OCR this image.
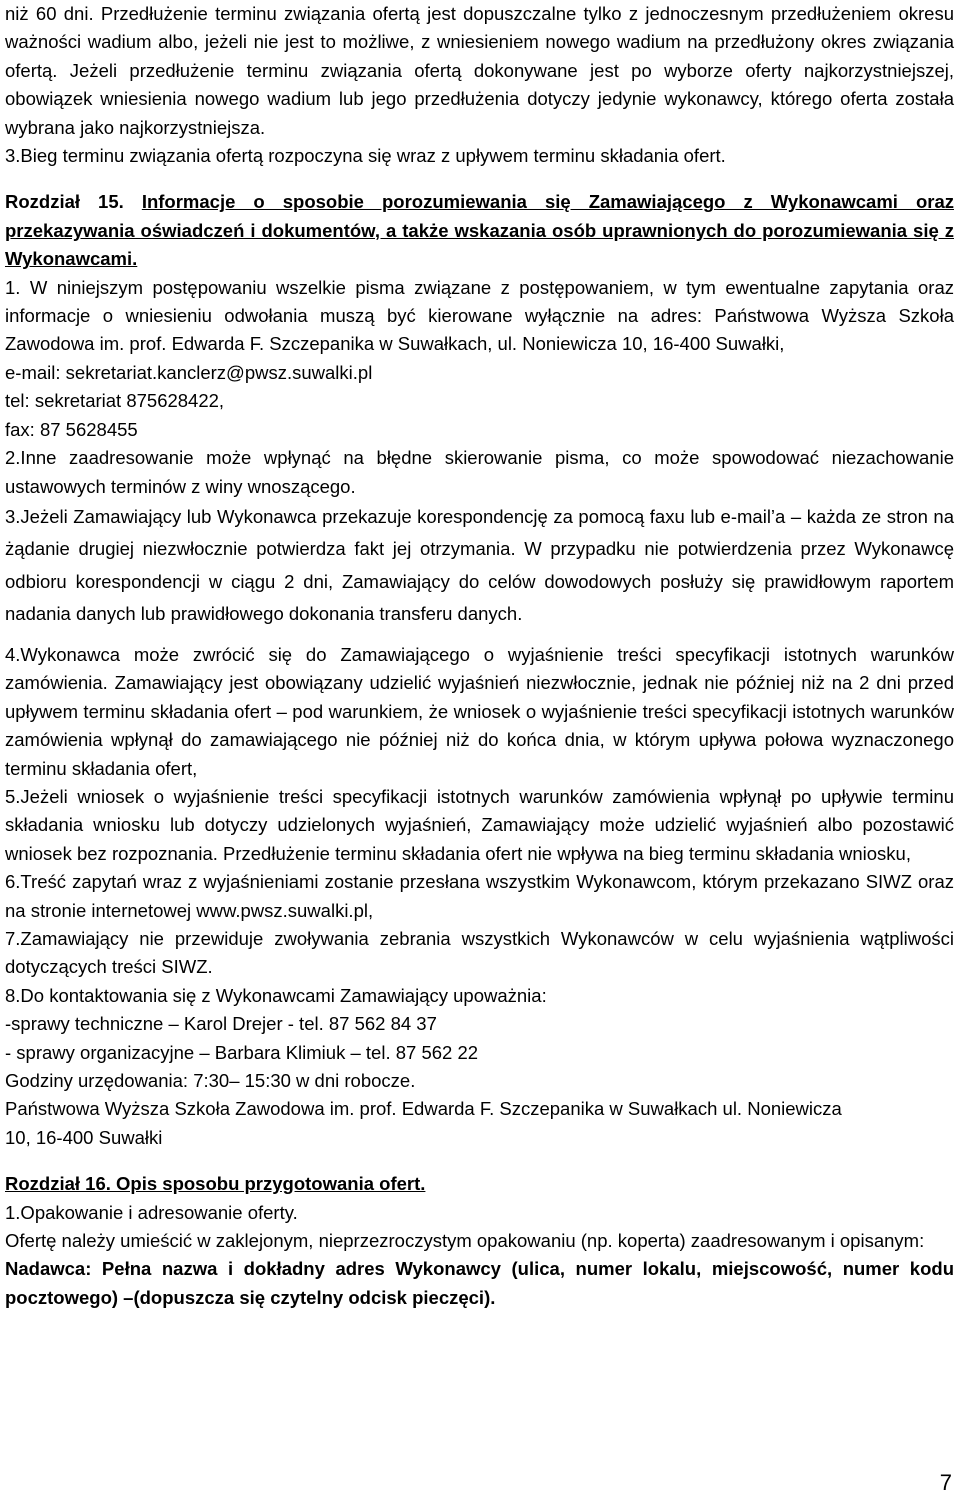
niż 60 dni. Przedłużenie terminu związania ofertą jest dopuszczalne tylko z jednoczesnym przedłużeniem okresu ważności wadium albo, jeżeli nie jest to możliwe, z wniesieniem nowego wadium na przedłużony okres związania ofertą. Jeżeli przedłużenie terminu związania ofertą dokonywane jest po wyborze oferty najkorzystniejszej, obowiązek wniesienia nowego wadium lub jego przedłużenia dotyczy jedynie wykonawcy, którego oferta została wybrana jako najkorzystniejsza.

3.Bieg terminu związania ofertą rozpoczyna się wraz z upływem terminu składania ofert.

Rozdział 15. Informacje o sposobie porozumiewania się Zamawiającego z Wykonawcami oraz przekazywania oświadczeń i dokumentów, a także wskazania osób uprawnionych do porozumiewania się z Wykonawcami.

1. W niniejszym postępowaniu wszelkie pisma związane z postępowaniem, w tym ewentualne zapytania oraz informacje o wniesieniu odwołania muszą być kierowane wyłącznie na adres: Państwowa Wyższa Szkoła Zawodowa im. prof. Edwarda F. Szczepanika w Suwałkach, ul. Noniewicza 10, 16-400 Suwałki,

e-mail: sekretariat.kanclerz@pwsz.suwalki.pl

tel: sekretariat 875628422,

fax: 87 5628455

2.Inne zaadresowanie może wpłynąć na błędne skierowanie pisma, co może spowodować niezachowanie ustawowych terminów z winy wnoszącego.

3.Jeżeli Zamawiający lub Wykonawca przekazuje korespondencję za pomocą faxu lub e-mail’a – każda ze stron na żądanie drugiej niezwłocznie potwierdza fakt jej otrzymania. W przypadku nie potwierdzenia przez Wykonawcę odbioru korespondencji w ciągu 2 dni, Zamawiający do celów dowodowych posłuży się prawidłowym raportem nadania danych lub prawidłowego dokonania transferu danych.

4.Wykonawca może zwrócić się do Zamawiającego o wyjaśnienie treści specyfikacji istotnych warunków zamówienia. Zamawiający jest obowiązany udzielić wyjaśnień niezwłocznie, jednak nie później niż na 2 dni przed upływem terminu składania ofert – pod warunkiem, że wniosek o wyjaśnienie treści specyfikacji istotnych warunków zamówienia wpłynął do zamawiającego nie później niż do końca dnia, w którym upływa połowa wyznaczonego terminu składania ofert,

5.Jeżeli wniosek o wyjaśnienie treści specyfikacji istotnych warunków zamówienia wpłynął po upływie terminu składania wniosku lub dotyczy udzielonych wyjaśnień, Zamawiający może udzielić wyjaśnień albo pozostawić wniosek bez rozpoznania. Przedłużenie terminu składania ofert nie wpływa na bieg terminu składania wniosku,

6.Treść zapytań wraz z wyjaśnieniami zostanie przesłana wszystkim Wykonawcom, którym przekazano SIWZ oraz na stronie internetowej www.pwsz.suwalki.pl,

7.Zamawiający nie przewiduje zwoływania zebrania wszystkich Wykonawców w celu wyjaśnienia wątpliwości dotyczących treści SIWZ.

8.Do kontaktowania się z Wykonawcami Zamawiający upoważnia:

-sprawy techniczne – Karol Drejer - tel. 87 562 84 37

- sprawy organizacyjne – Barbara Klimiuk – tel. 87 562 22

Godziny urzędowania: 7:30– 15:30 w dni robocze.

Państwowa Wyższa Szkoła Zawodowa im. prof. Edwarda F. Szczepanika w Suwałkach ul. Noniewicza

10, 16-400 Suwałki

Rozdział 16. Opis sposobu przygotowania ofert.

1.Opakowanie i adresowanie oferty.

Ofertę należy umieścić w zaklejonym, nieprzezroczystym opakowaniu (np. koperta) zaadresowanym i opisanym:

Nadawca: Pełna nazwa i dokładny adres Wykonawcy (ulica, numer lokalu, miejscowość, numer kodu pocztowego) –(dopuszcza się czytelny odcisk pieczęci).

7
